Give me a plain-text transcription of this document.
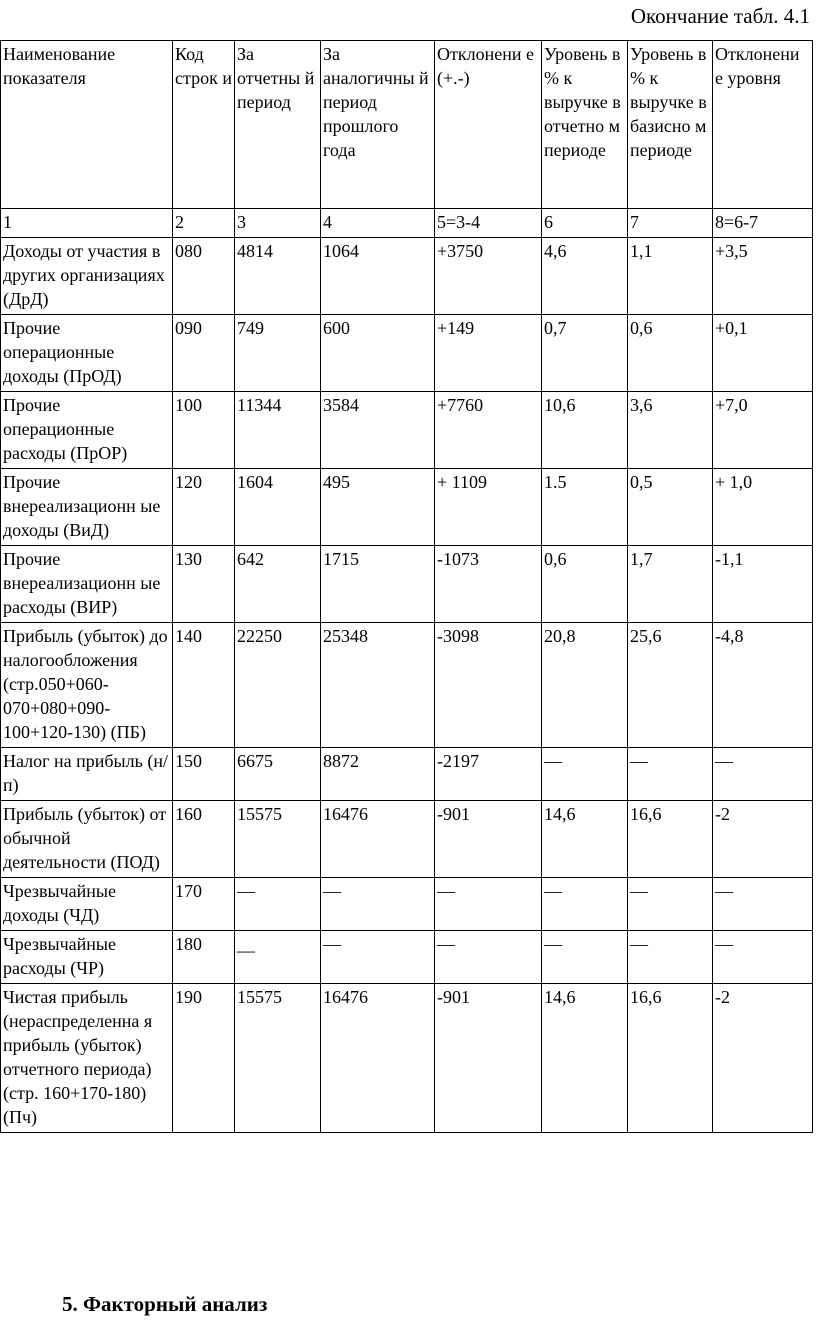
Окончание табл. 4.1
Наименование показателя	Код строк и	За отчетны й период	За аналогичны й период прошлого года	Отклонени е (+.-)	Уровень в % к выручке в отчетно м периоде	Уровень в % к выручке в базисно м периоде	Отклонени е уровня
1	2	3	4	5=3-4	6	7	8=6-7
Доходы от участия в других организациях (ДрД)	080	4814	1064	+3750	4,6	1,1	+3,5
Прочие операционные доходы (ПрОД)	090	749	600	+149	0,7	0,6	+0,1
Прочие операционные расходы (ПрОР)	100	11344	3584	+7760	10,6	3,6	+7,0
Прочие внереализационн ые доходы (ВиД)	120	1604	495	+ 1109	1.5	0,5	+ 1,0
Прочие внереализационн ые расходы (ВИР)	130	642	1715	-1073	0,6	1,7	-1,1
Прибыль (убыток) до налогообложения (стр.050+060- 070+080+090- 100+120-130) (ПБ)	140	22250	25348	-3098	20,8	25,6	-4,8
Налог на прибыль (н/п)	150	6675	8872	-2197	—	—	—
Прибыль (убыток) от обычной деятельности (ПОД)	160	15575	16476	-901	14,6	16,6	-2
Чрезвычайные доходы (ЧД)	170	—	—	—	—	—	—
Чрезвычайные расходы (ЧР)	180	__	—	—	—	—	—
Чистая прибыль (нераспределенна я прибыль (убыток) отчетного периода) (стр. 160+170-180) (Пч)	190	15575	16476	-901	14,6	16,6	-2
5. Факторный анализ
